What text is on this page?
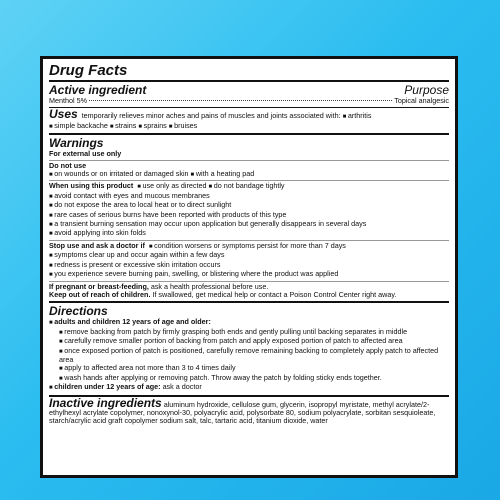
Drug Facts
Active ingredient	Purpose
Menthol 5%	Topical analgesic
Uses temporarily relieves minor aches and pains of muscles and joints associated with: ■ arthritis
■ simple backache ■ strains ■ sprains ■ bruises
Warnings
For external use only
Do not use
■ on wounds or on irritated or damaged skin ■ with a heating pad
When using this product ■ use only as directed ■ do not bandage tightly
■ avoid contact with eyes and mucous membranes
■ do not expose the area to local heat or to direct sunlight
■ rare cases of serious burns have been reported with products of this type
■ a transient burning sensation may occur upon application but generally disappears in several days
■ avoid applying into skin folds
Stop use and ask a doctor if ■ condition worsens or symptoms persist for more than 7 days
■ symptoms clear up and occur again within a few days
■ redness is present or excessive skin irritation occurs
■ you experience severe burning pain, swelling, or blistering where the product was applied
If pregnant or breast-feeding, ask a health professional before use.
Keep out of reach of children. If swallowed, get medical help or contact a Poison Control Center right away.
Directions
■ adults and children 12 years of age and older:
■ remove backing from patch by firmly grasping both ends and gently pulling until backing separates in middle
■ carefully remove smaller portion of backing from patch and apply exposed portion of patch to affected area
■ once exposed portion of patch is positioned, carefully remove remaining backing to completely apply patch to affected area
■ apply to affected area not more than 3 to 4 times daily
■ wash hands after applying or removing patch. Throw away the patch by folding sticky ends together.
■ children under 12 years of age: ask a doctor
Inactive ingredients aluminum hydroxide, cellulose gum, glycerin, isopropyl myristate, methyl acrylate/2-ethylhexyl acrylate copolymer, nonoxynol-30, polyacrylic acid, polysorbate 80, sodium polyacrylate, sorbitan sesquioleate, starch/acrylic acid graft copolymer sodium salt, talc, tartaric acid, titanium dioxide, water
